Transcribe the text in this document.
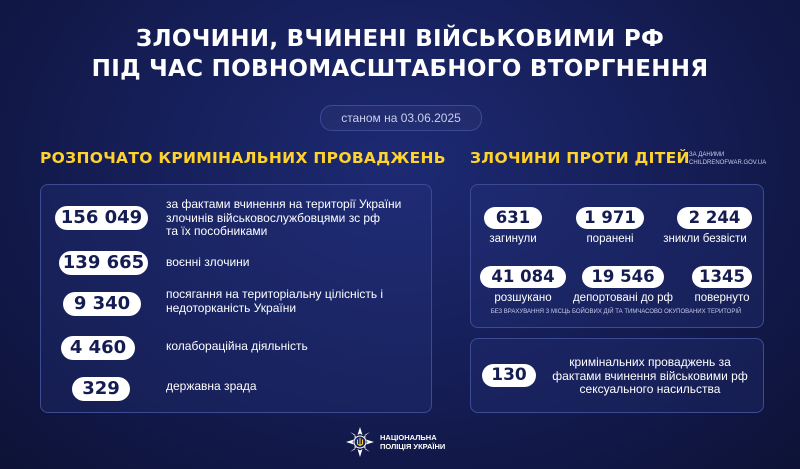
ЗЛОЧИНИ, ВЧИНЕНІ ВІЙСЬКОВИМИ РФ
ПІД ЧАС ПОВНОМАСШТАБНОГО ВТОРГНЕННЯ
станом на 03.06.2025
РОЗПОЧАТО КРИМІНАЛЬНИХ ПРОВАДЖЕНЬ
156 049
за фактами вчинення на території України
злочинів військовослужбовцями зс рф
та їх пособниками
139 665	воєнні злочини
9 340	посягання на територіальну цілісність і
недоторканість України
4 460	колабораційна діяльність
329	державна зрада
ЗЛОЧИНИ ПРОТИ ДІТЕЙ ЗА ДАНИМИ
CHILDRENOFWAR.GOV.UA
631
загинули
1 971
поранені
2 244
зникли безвісти
41 084
розшукано
19 546
депортовані до рф
1345
повернуто
БЕЗ ВРАХУВАННЯ З МІСЦЬ БОЙОВИХ ДІЙ ТА ТИМЧАСОВО ОКУПОВАНИХ ТЕРИТОРІЙ
130
кримінальних проваджень за
фактами вчинення військовими рф
сексуального насильства
НАЦІОНАЛЬНА
ПОЛІЦІЯ УКРАЇНИ
